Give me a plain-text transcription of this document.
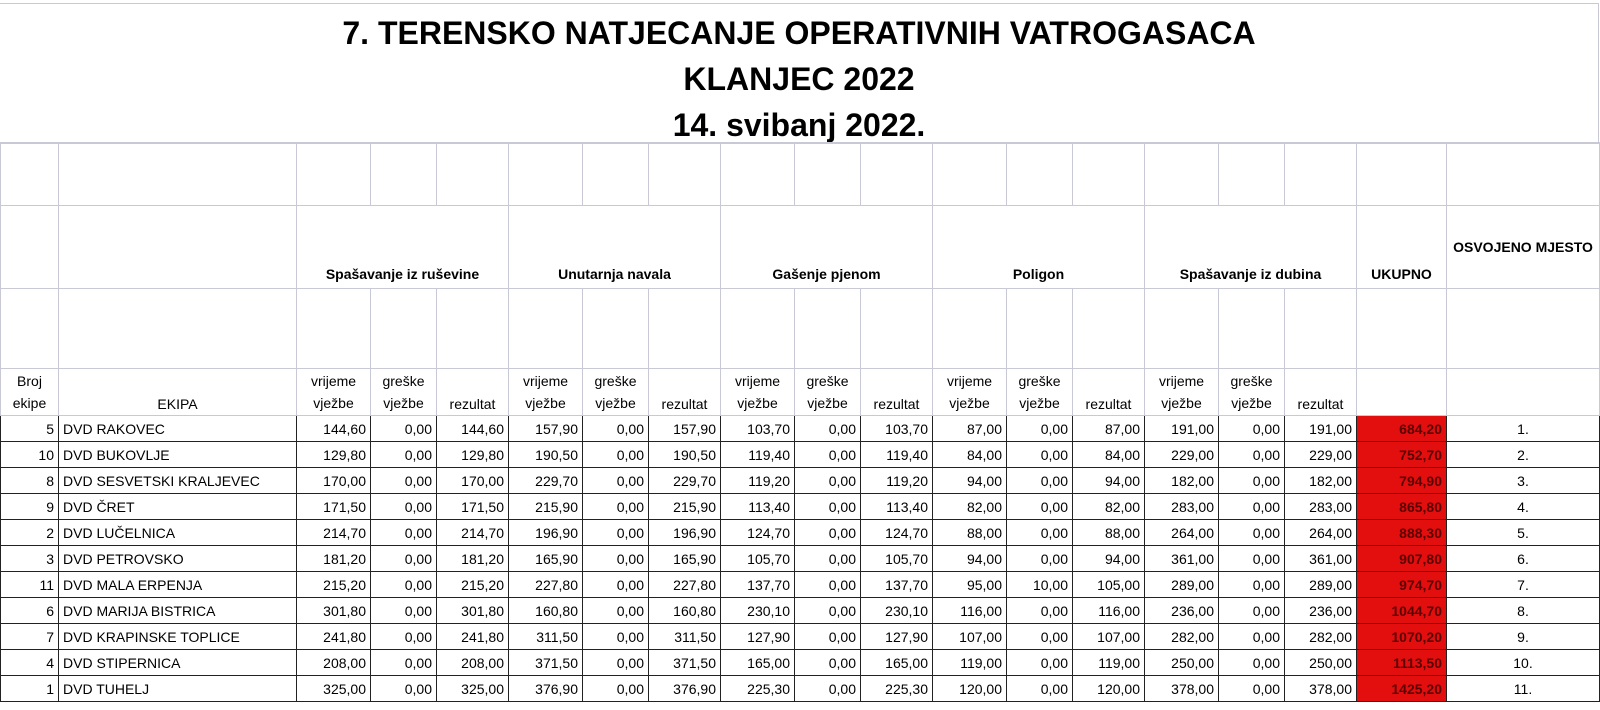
7. TERENSKO NATJECANJE OPERATIVNIH VATROGASACA
KLANJEC 2022
14. svibanj 2022.

		Spašavanje iz ruševine			Unutarnja navala			Gašenje pjenom			Poligon			Spašavanje iz dubina			UKUPNO	OSVOJENO MJESTO

Broj ekipe	EKIPA	vrijeme vježbe	greške vježbe	rezultat	vrijeme vježbe	greške vježbe	rezultat	vrijeme vježbe	greške vježbe	rezultat	vrijeme vježbe	greške vježbe	rezultat	vrijeme vježbe	greške vježbe	rezultat		
5	DVD RAKOVEC	144,60	0,00	144,60	157,90	0,00	157,90	103,70	0,00	103,70	87,00	0,00	87,00	191,00	0,00	191,00	684,20	1.
10	DVD BUKOVLJE	129,80	0,00	129,80	190,50	0,00	190,50	119,40	0,00	119,40	84,00	0,00	84,00	229,00	0,00	229,00	752,70	2.
8	DVD SESVETSKI KRALJEVEC	170,00	0,00	170,00	229,70	0,00	229,70	119,20	0,00	119,20	94,00	0,00	94,00	182,00	0,00	182,00	794,90	3.
9	DVD ČRET	171,50	0,00	171,50	215,90	0,00	215,90	113,40	0,00	113,40	82,00	0,00	82,00	283,00	0,00	283,00	865,80	4.
2	DVD LUČELNICA	214,70	0,00	214,70	196,90	0,00	196,90	124,70	0,00	124,70	88,00	0,00	88,00	264,00	0,00	264,00	888,30	5.
3	DVD PETROVSKO	181,20	0,00	181,20	165,90	0,00	165,90	105,70	0,00	105,70	94,00	0,00	94,00	361,00	0,00	361,00	907,80	6.
11	DVD MALA ERPENJA	215,20	0,00	215,20	227,80	0,00	227,80	137,70	0,00	137,70	95,00	10,00	105,00	289,00	0,00	289,00	974,70	7.
6	DVD MARIJA BISTRICA	301,80	0,00	301,80	160,80	0,00	160,80	230,10	0,00	230,10	116,00	0,00	116,00	236,00	0,00	236,00	1044,70	8.
7	DVD KRAPINSKE TOPLICE	241,80	0,00	241,80	311,50	0,00	311,50	127,90	0,00	127,90	107,00	0,00	107,00	282,00	0,00	282,00	1070,20	9.
4	DVD STIPERNICA	208,00	0,00	208,00	371,50	0,00	371,50	165,00	0,00	165,00	119,00	0,00	119,00	250,00	0,00	250,00	1113,50	10.
1	DVD TUHELJ	325,00	0,00	325,00	376,90	0,00	376,90	225,30	0,00	225,30	120,00	0,00	120,00	378,00	0,00	378,00	1425,20	11.
